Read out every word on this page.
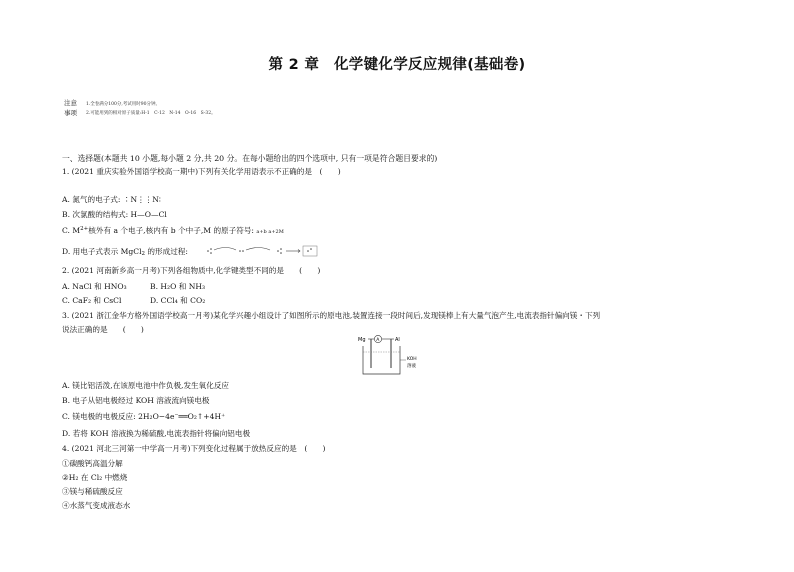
第 2 章　化学键化学反应规律(基础卷)
注意
事项
1.全卷满分100分,考试用时90分钟。
2.可能用到的相对原子质量:H-1　C-12　N-14　O-16　S-32。
一、选择题(本题共 10 小题,每小题 2 分,共 20 分。在每小题给出的四个选项中, 只有一项是符合题目要求的)
1. (2021 重庆实验外国语学校高一期中)下列有关化学用语表示不正确的是　(　　)
A. 氮气的电子式: ∶N⋮⋮N∶
B. 次氯酸的结构式: H—O—Cl
C. $M^{2+}$核外有 a 个电子,核内有 b 个中子,M 的原子符号: a+b a+2M
D. 用电子式表示 MgCl$_2$ 的形成过程:
2. (2021 河南新乡高一月考)下列各组物质中,化学键类型不同的是　　(　　)
A. NaCl 和 HNO₃	B. H₂O 和 NH₃
C. CaF₂ 和 CsCl	D. CCl₄ 和 CO₂
3. (2021 浙江金华方格外国语学校高一月考)某化学兴趣小组设计了如图所示的原电池,装置连接一段时间后,发现镁棒上有大量气泡产生,电流表指针偏向镁・下列
说法正确的是　　(　　)
Mg A	Al
KOH
溶液
A. 镁比铝活泼,在该原电池中作负极,发生氧化反应
B. 电子从铝电极经过 KOH 溶液流向镁电极
C. 镁电极的电极反应: 2H₂O−4e⁻══O₂↑+4H⁺
D. 若将 KOH 溶液换为稀硫酸,电流表指针将偏向铝电极
4. (2021 河北三河第一中学高一月考)下列变化过程属于放热反应的是　(　　)
①碳酸钙高温分解
②H₂ 在 Cl₂ 中燃烧
③镁与稀硫酸反应
④水蒸气变成液态水
